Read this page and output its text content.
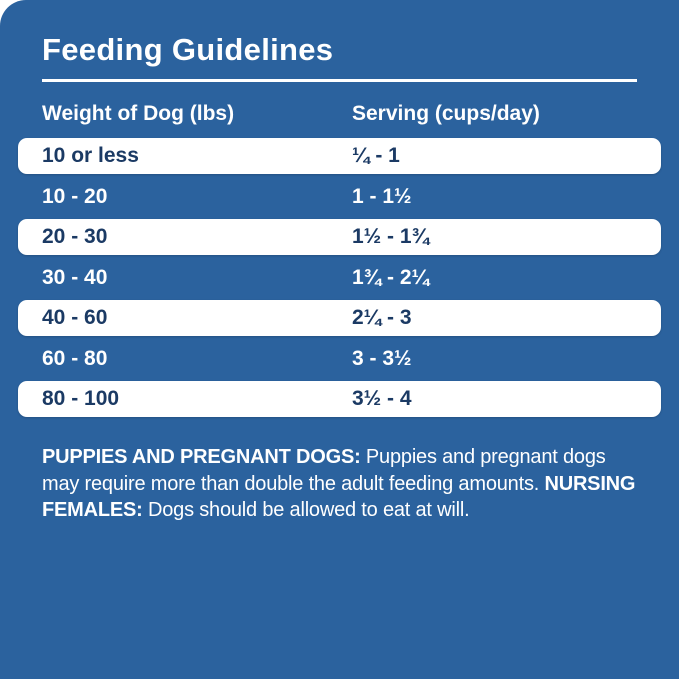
Feeding Guidelines
Weight of Dog (lbs)	Serving (cups/day)
10 or less	¼ - 1
10 - 20	1 - 1½
20 - 30	1½ - 1¾
30 - 40	1¾ - 2¼
40 - 60	2¼ - 3
60 - 80	3 - 3½
80 - 100	3½ - 4

PUPPIES AND PREGNANT DOGS: Puppies and pregnant dogs may require more than double the adult feeding amounts. NURSING FEMALES: Dogs should be allowed to eat at will.
